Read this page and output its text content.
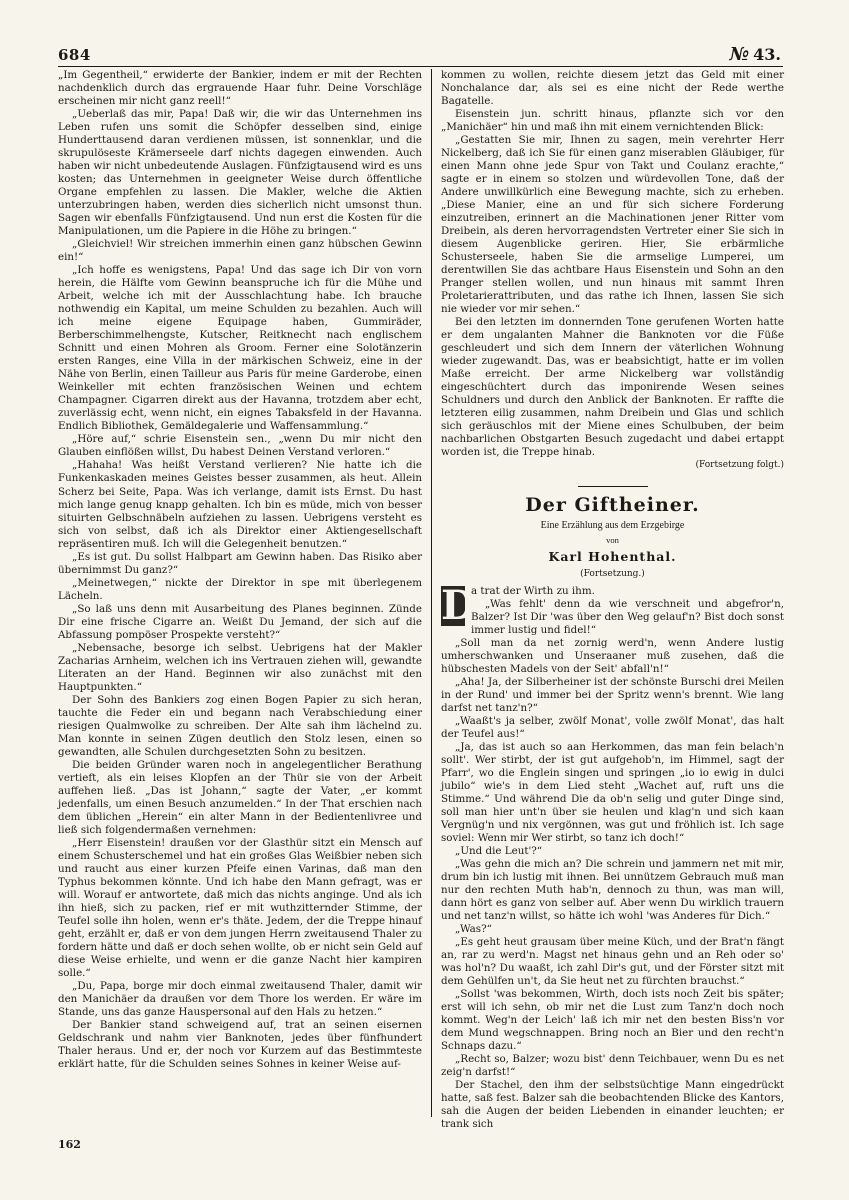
684	№ 43.

„Im Gegentheil,“ erwiderte der Bankier, indem er mit der Rechten nachdenklich durch das ergrauende Haar fuhr. Deine Vorschläge erscheinen mir nicht ganz reell!“

„Ueberlaß das mir, Papa! Daß wir, die wir das Unternehmen ins Leben rufen uns somit die Schöpfer desselben sind, einige Hunderttausend daran verdienen müssen, ist sonnenklar, und die skrupulöseste Krämerseele darf nichts dagegen einwenden. Auch haben wir nicht unbedeutende Auslagen. Fünfzigtausend wird es uns kosten; das Unternehmen in geeigneter Weise durch öffentliche Organe empfehlen zu lassen. Die Makler, welche die Aktien unterzubringen haben, werden dies sicherlich nicht umsonst thun. Sagen wir ebenfalls Fünfzigtausend. Und nun erst die Kosten für die Manipulationen, um die Papiere in die Höhe zu bringen.“

„Gleichviel! Wir streichen immerhin einen ganz hübschen Gewinn ein!“

„Ich hoffe es wenigstens, Papa! Und das sage ich Dir von vorn herein, die Hälfte vom Gewinn beanspruche ich für die Mühe und Arbeit, welche ich mit der Ausschlachtung habe. Ich brauche nothwendig ein Kapital, um meine Schulden zu bezahlen. Auch will ich meine eigene Equipage haben, Gummiräder, Berberschimmelhengste, Kutscher, Reitknecht nach englischem Schnitt und einen Mohren als Groom. Ferner eine Solotänzerin ersten Ranges, eine Villa in der märkischen Schweiz, eine in der Nähe von Berlin, einen Tailleur aus Paris für meine Garderobe, einen Weinkeller mit echten französischen Weinen und echtem Champagner. Cigarren direkt aus der Havanna, trotzdem aber echt, zuverlässig echt, wenn nicht, ein eignes Tabaksfeld in der Havanna. Endlich Bibliothek, Gemäldegalerie und Waffensammlung.“

„Höre auf,“ schrie Eisenstein sen., „wenn Du mir nicht den Glauben einflößen willst, Du habest Deinen Verstand verloren.“

„Hahaha! Was heißt Verstand verlieren? Nie hatte ich die Funkenkaskaden meines Geistes besser zusammen, als heut. Allein Scherz bei Seite, Papa. Was ich verlange, damit ists Ernst. Du hast mich lange genug knapp gehalten. Ich bin es müde, mich von besser situirten Gelbschnäbeln aufziehen zu lassen. Uebrigens versteht es sich von selbst, daß ich als Direktor einer Aktiengesellschaft repräsentiren muß. Ich will die Gelegenheit benutzen.“

„Es ist gut. Du sollst Halbpart am Gewinn haben. Das Risiko aber übernimmst Du ganz?“

„Meinetwegen,“ nickte der Direktor in spe mit überlegenem Lächeln.

„So laß uns denn mit Ausarbeitung des Planes beginnen. Zünde Dir eine frische Cigarre an. Weißt Du Jemand, der sich auf die Abfassung pompöser Prospekte versteht?“

„Nebensache, besorge ich selbst. Uebrigens hat der Makler Zacharias Arnheim, welchen ich ins Vertrauen ziehen will, gewandte Literaten an der Hand. Beginnen wir also zunächst mit den Hauptpunkten.“

Der Sohn des Bankiers zog einen Bogen Papier zu sich heran, tauchte die Feder ein und begann nach Verabschiedung einer riesigen Qualmwolke zu schreiben. Der Alte sah ihm lächelnd zu. Man konnte in seinen Zügen deutlich den Stolz lesen, einen so gewandten, alle Schulen durchgesetzten Sohn zu besitzen.

Die beiden Gründer waren noch in angelegentlicher Berathung vertieft, als ein leises Klopfen an der Thür sie von der Arbeit auffehen ließ. „Das ist Johann,“ sagte der Vater, „er kommt jedenfalls, um einen Besuch anzumelden.“ In der That erschien nach dem üblichen „Herein“ ein alter Mann in der Bedientenlivree und ließ sich folgendermaßen vernehmen:

„Herr Eisenstein! draußen vor der Glasthür sitzt ein Mensch auf einem Schusterschemel und hat ein großes Glas Weißbier neben sich und raucht aus einer kurzen Pfeife einen Varinas, daß man den Typhus bekommen könnte. Und ich habe den Mann gefragt, was er will. Worauf er antwortete, daß mich das nichts anginge. Und als ich ihn hieß, sich zu packen, rief er mit wuthzitternder Stimme, der Teufel solle ihn holen, wenn er's thäte. Jedem, der die Treppe hinauf geht, erzählt er, daß er von dem jungen Herrn zweitausend Thaler zu fordern hätte und daß er doch sehen wollte, ob er nicht sein Geld auf diese Weise erhielte, und wenn er die ganze Nacht hier kampiren solle.“

„Du, Papa, borge mir doch einmal zweitausend Thaler, damit wir den Manichäer da draußen vor dem Thore los werden. Er wäre im Stande, uns das ganze Hauspersonal auf den Hals zu hetzen.“

Der Bankier stand schweigend auf, trat an seinen eisernen Geldschrank und nahm vier Banknoten, jedes über fünfhundert Thaler heraus. Und er, der noch vor Kurzem auf das Bestimmteste erklärt hatte, für die Schulden seines Sohnes in keiner Weise auf-

kommen zu wollen, reichte diesem jetzt das Geld mit einer Nonchalance dar, als sei es eine nicht der Rede werthe Bagatelle.

Eisenstein jun. schritt hinaus, pflanzte sich vor den „Manichäer“ hin und maß ihn mit einem vernichtenden Blick:

„Gestatten Sie mir, Ihnen zu sagen, mein verehrter Herr Nickelberg, daß ich Sie für einen ganz miserablen Gläubiger, für einen Mann ohne jede Spur von Takt und Coulanz erachte,“ sagte er in einem so stolzen und würdevollen Tone, daß der Andere unwillkürlich eine Bewegung machte, sich zu erheben. „Diese Manier, eine an und für sich sichere Forderung einzutreiben, erinnert an die Machinationen jener Ritter vom Dreibein, als deren hervorragendsten Vertreter einer Sie sich in diesem Augenblicke geriren. Hier, Sie erbärmliche Schusterseele, haben Sie die armselige Lumperei, um derentwillen Sie das achtbare Haus Eisenstein und Sohn an den Pranger stellen wollen, und nun hinaus mit sammt Ihren Proletarierattributen, und das rathe ich Ihnen, lassen Sie sich nie wieder vor mir sehen.“

Bei den letzten im donnernden Tone gerufenen Worten hatte er dem ungalanten Mahner die Banknoten vor die Füße geschleudert und sich dem Innern der väterlichen Wohnung wieder zugewandt. Das, was er beabsichtigt, hatte er im vollen Maße erreicht. Der arme Nickelberg war vollständig eingeschüchtert durch das imponirende Wesen seines Schuldners und durch den Anblick der Banknoten. Er raffte die letzteren eilig zusammen, nahm Dreibein und Glas und schlich sich geräuschlos mit der Miene eines Schulbuben, der beim nachbarlichen Obstgarten Besuch zugedacht und dabei ertappt worden ist, die Treppe hinab.

(Fortsetzung folgt.)
Der Giftheiner.
Eine Erzählung aus dem Erzgebirge
von
Karl Hohenthal.
(Fortsetzung.)

D
a trat der Wirth zu ihm.

„Was fehlt' denn da wie verschneit und abgefror'n, Balzer? Ist Dir 'was über den Weg gelauf'n? Bist doch sonst immer lustig und fidel!“

„Soll man da net zornig werd'n, wenn Andere lustig umherschwanken und Unseraaner muß zusehen, daß die hübschesten Madels von der Seit' abfall'n!“

„Aha! Ja, der Silberheiner ist der schönste Burschi drei Meilen in der Rund' und immer bei der Spritz wenn's brennt. Wie lang darfst net tanz'n?“

„Waaßt's ja selber, zwölf Monat', volle zwölf Monat', das halt der Teufel aus!“

„Ja, das ist auch so aan Herkommen, das man fein belach'n sollt'. Wer stirbt, der ist gut aufgehob'n, im Himmel, sagt der Pfarr', wo die Englein singen und springen „io io ewig in dulci jubilo“ wie's in dem Lied steht „Wachet auf, ruft uns die Stimme.“ Und während Die da ob'n selig und guter Dinge sind, soll man hier unt'n über sie heulen und klag'n und sich kaan Vergnüg'n und nix vergönnen, was gut und fröhlich ist. Ich sage soviel: Wenn mir Wer stirbt, so tanz ich doch!“

„Und die Leut'?“

„Was gehn die mich an? Die schrein und jammern net mit mir, drum bin ich lustig mit ihnen. Bei unnützem Gebrauch muß man nur den rechten Muth hab'n, dennoch zu thun, was man will, dann hört es ganz von selber auf. Aber wenn Du wirklich trauern und net tanz'n willst, so hätte ich wohl 'was Anderes für Dich.“

„Was?“

„Es geht heut grausam über meine Küch, und der Brat'n fängt an, rar zu werd'n. Magst net hinaus gehn und an Reh oder so' was hol'n? Du waaßt, ich zahl Dir's gut, und der Förster sitzt mit dem Gehülfen un't, da Sie heut net zu fürchten brauchst.“

„Sollst 'was bekommen, Wirth, doch ists noch Zeit bis später; erst will ich sehn, ob mir net die Lust zum Tanz'n doch noch kommt. Weg'n der Leich' laß ich mir net den besten Biss'n vor dem Mund wegschnappen. Bring noch an Bier und den recht'n Schnaps dazu.“

„Recht so, Balzer; wozu bist' denn Teichbauer, wenn Du es net zeig'n darfst!“

Der Stachel, den ihm der selbstsüchtige Mann eingedrückt hatte, saß fest. Balzer sah die beobachtenden Blicke des Kantors, sah die Augen der beiden Liebenden in einander leuchten; er trank sich

162
